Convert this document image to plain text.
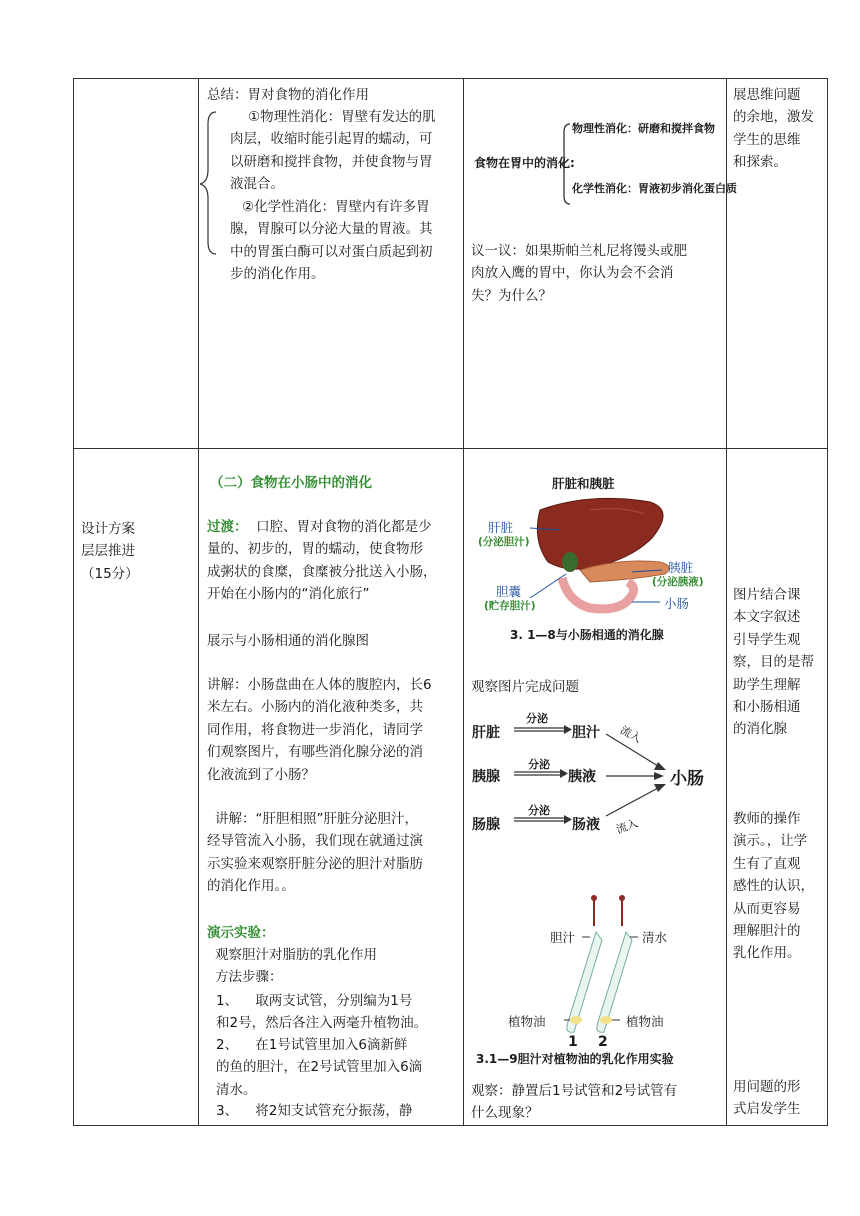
总结：胃对食物的消化作用
①物理性消化：胃壁有发达的肌
肉层，收缩时能引起胃的蠕动，可
以研磨和搅拌食物，并使食物与胃
液混合。
②化学性消化：胃壁内有许多胃
腺，胃腺可以分泌大量的胃液。其
中的胃蛋白酶可以对蛋白质起到初
步的消化作用。
食物在胃中的消化:
物理性消化：研磨和搅拌食物
化学性消化：胃液初步消化蛋白质
议一议：如果斯帕兰札尼将馒头或肥
肉放入鹰的胃中，你认为会不会消
失？为什么？
展思维问题
的余地，激发
学生的思维
和探索。
设计方案
层层推进
（15分）
（二）食物在小肠中的消化
过渡： 口腔、胃对食物的消化都是少
量的、初步的，胃的蠕动，使食物形
成粥状的食糜，食糜被分批送入小肠，
开始在小肠内的“消化旅行”
展示与小肠相通的消化腺图
讲解：小肠盘曲在人体的腹腔内，长6
米左右。小肠内的消化液种类多，共
同作用，将食物进一步消化，请同学
们观察图片，有哪些消化腺分泌的消
化液流到了小肠？
讲解：“肝胆相照”肝脏分泌胆汁，
经导管流入小肠，我们现在就通过演
示实验来观察肝脏分泌的胆汁对脂肪
的消化作用。。
演示实验：
观察胆汁对脂肪的乳化作用
方法步骤：
1、 取两支试管，分别编为1号
和2号，然后各注入两毫升植物油。
2、 在1号试管里加入6滴新鲜
的鱼的胆汁，在2号试管里加入6滴
清水。
3、 将2知支试管充分振荡，静
肝脏和胰脏
肝脏
(分泌胆汁)
胰脏
(分泌胰液)
胆囊
(贮存胆汁)	小肠
3. 1—8与小肠相通的消化腺
观察图片完成问题
肝脏
分泌
胆汁 流入
胰腺
分泌
胰液	小肠
肠腺
分泌
肠液 流入
胆汁	清水
植物油	植物油
1 2
3.1—9胆汁对植物油的乳化作用实验
观察：静置后1号试管和2号试管有
什么现象？
图片结合课
本文字叙述
引导学生观
察，目的是帮
助学生理解
和小肠相通
的消化腺
教师的操作
演示。，让学
生有了直观
感性的认识，
从而更容易
理解胆汁的
乳化作用。
用问题的形
式启发学生
